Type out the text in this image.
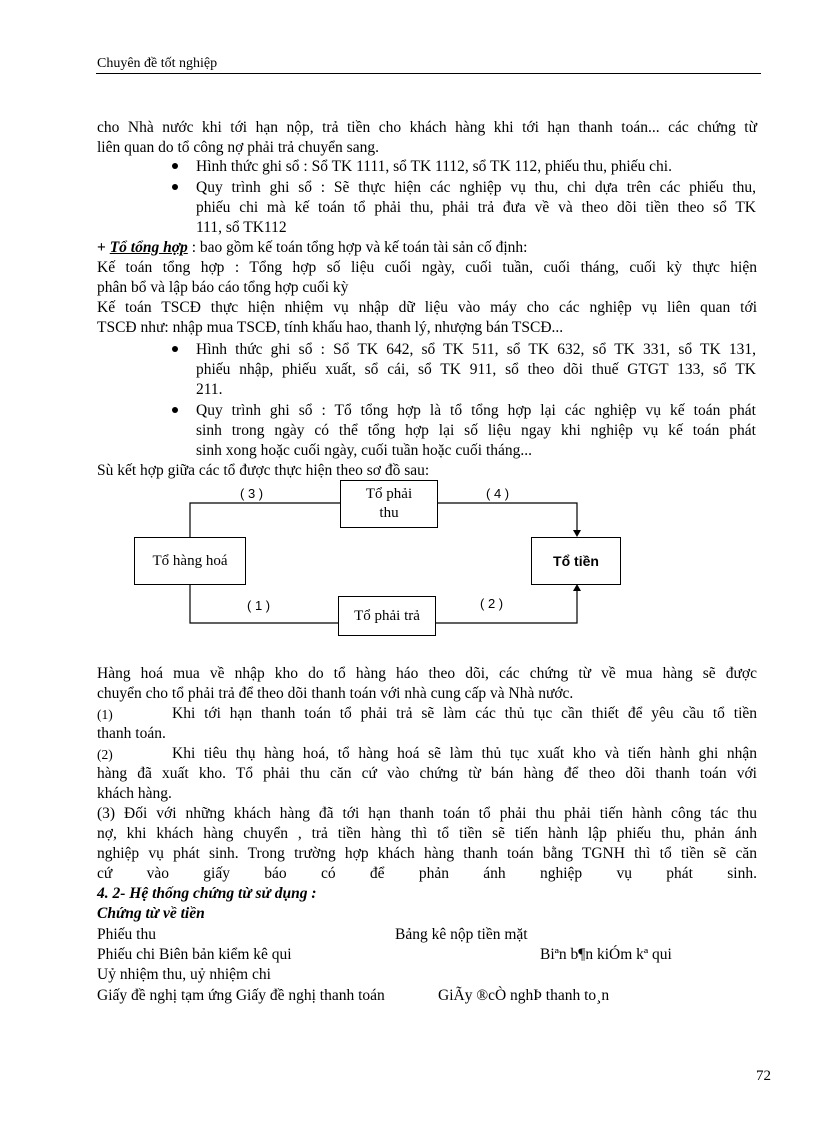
Chuyên đề tốt nghiệp
cho Nhà nước khi tới hạn nộp, trả tiền cho khách hàng khi tới hạn thanh toán... các chứng từ
liên quan do tổ công nợ phải trả chuyển sang.
Hình thức ghi sổ : Sổ TK 1111, sổ TK 1112, sổ TK 112, phiếu thu, phiếu chi.
Quy trình ghi sổ : Sẽ thực hiện các nghiệp vụ thu, chi dựa trên các phiếu thu,
phiếu chi mà kế toán tổ phải thu, phải trả đưa về và theo dõi tiền theo sổ TK
111, sổ TK112
+ Tổ tổng hợp : bao gồm kế toán tổng hợp và kế toán tài sản cố định:
Kế toán tổng hợp : Tổng hợp số liệu cuối ngày, cuối tuần, cuối tháng, cuối kỳ thực hiện
phân bổ và lập báo cáo tổng hợp cuối kỳ
Kế toán TSCĐ thực hiện nhiệm vụ nhập dữ liệu vào máy cho các nghiệp vụ liên quan tới
TSCĐ như: nhập mua TSCĐ, tính khấu hao, thanh lý, nhượng bán TSCĐ...
Hình thức ghi sổ : Sổ TK 642, sổ TK 511, sổ TK 632, sổ TK 331, sổ TK 131,
phiếu nhập, phiếu xuất, sổ cái, sổ TK 911, sổ theo dõi thuế GTGT 133, sổ TK
211.
Quy trình ghi sổ : Tổ tổng hợp là tổ tổng hợp lại các nghiệp vụ kế toán phát
sinh trong ngày có thể tổng hợp lại số liệu ngay khi nghiệp vụ kế toán phát
sinh xong hoặc cuối ngày, cuối tuần hoặc cuối tháng...
Sù kết hợp giữa các tổ được thực hiện theo sơ đồ sau:
Tổ hàng hoá
Tổ phải
thu
Tổ phải trả
Tổ tiền
( 3 )	( 4 )
( 1 )	( 2 )
Hàng hoá mua về nhập kho do tổ hàng háo theo dõi, các chứng từ về mua hàng sẽ được
chuyển cho tổ phải trả để theo dõi thanh toán với nhà cung cấp và Nhà nước.
(1)	Khi tới hạn thanh toán tổ phải trả sẽ làm các thủ tục cần thiết để yêu cầu tổ tiền
thanh toán.
(2)	Khi tiêu thụ hàng hoá, tổ hàng hoá sẽ làm thủ tục xuất kho và tiến hành ghi nhận
hàng đã xuất kho. Tổ phải thu căn cứ vào chứng từ bán hàng để theo dõi thanh toán với
khách hàng.
(3) Đối với những khách hàng đã tới hạn thanh toán tổ phải thu phải tiến hành công tác thu
nợ, khi khách hàng chuyển , trả tiền hàng thì tổ tiền sẽ tiến hành lập phiếu thu, phản ánh
nghiệp vụ phát sinh. Trong trường hợp khách hàng thanh toán bằng TGNH thì tổ tiền sẽ căn
cứ vào giấy báo có để phản ánh nghiệp vụ phát sinh.
4. 2- Hệ thống chứng từ sử dụng :
Chứng từ về tiền
Phiếu thu	Bảng kê nộp tiền mặt
Phiếu chi Biên bản kiểm kê qui	Biªn b¶n kiÓm kª qui
Uỷ nhiệm thu, uỷ nhiệm chi
Giấy đề nghị tạm ứng Giấy đề nghị thanh toán	GiÃy ®cÒ nghÞ thanh to¸n
72
